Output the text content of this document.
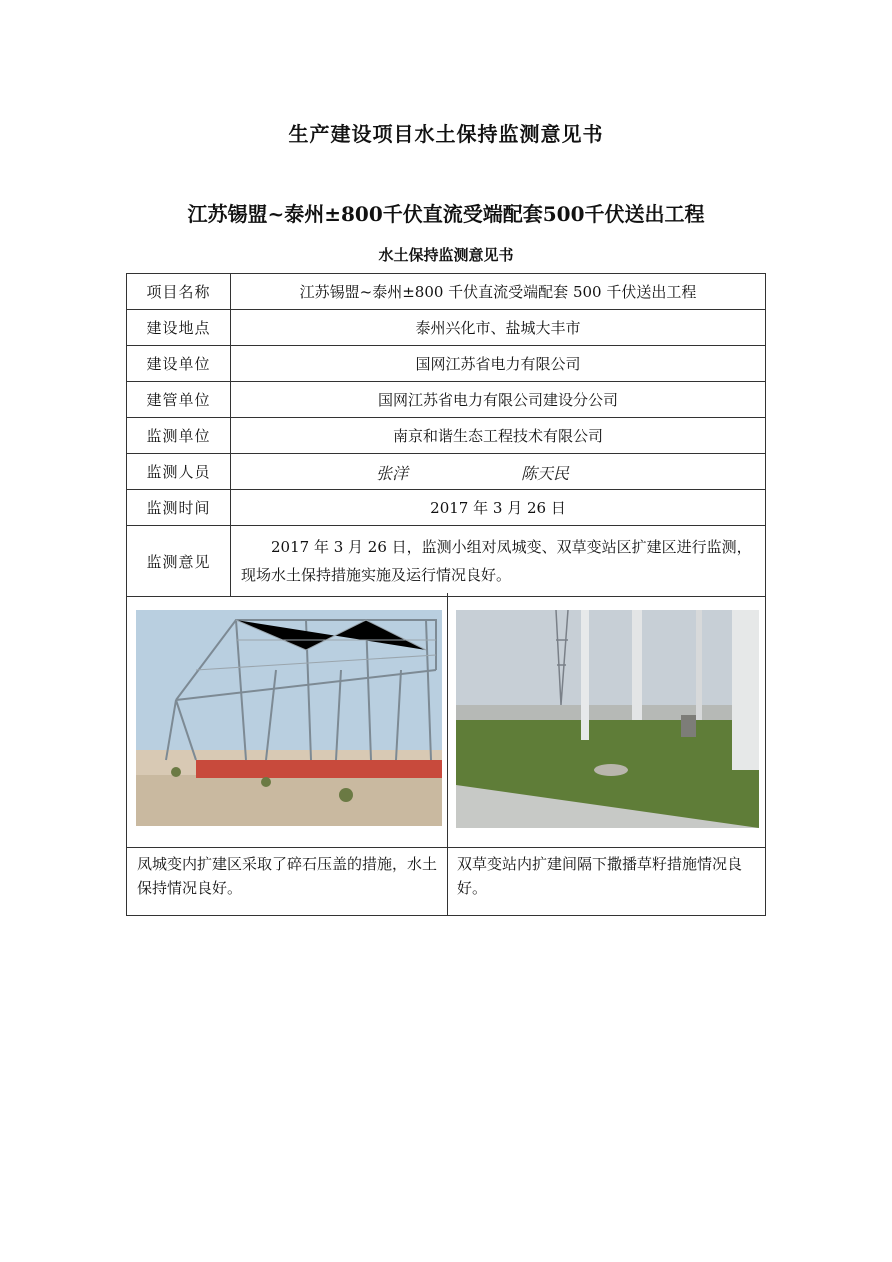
生产建设项目水土保持监测意见书
江苏锡盟~泰州±800千伏直流受端配套500千伏送出工程
水土保持监测意见书
项目名称	江苏锡盟~泰州±800 千伏直流受端配套 500 千伏送出工程
建设地点	泰州兴化市、盐城大丰市
建设单位	国网江苏省电力有限公司
建管单位	国网江苏省电力有限公司建设分公司
监测单位	南京和谐生态工程技术有限公司
监测人员	张洋 陈天民

监测时间	2017 年 3 月 26 日
监测意见	2017 年 3 月 26 日，监测小组对凤城变、双草变站区扩建区进行监测，现场水土保持措施实施及运行情况良好。
凤城变内扩建区采取了碎石压盖的措施，水土保持情况良好。
双草变站内扩建间隔下撒播草籽措施情况良好。
